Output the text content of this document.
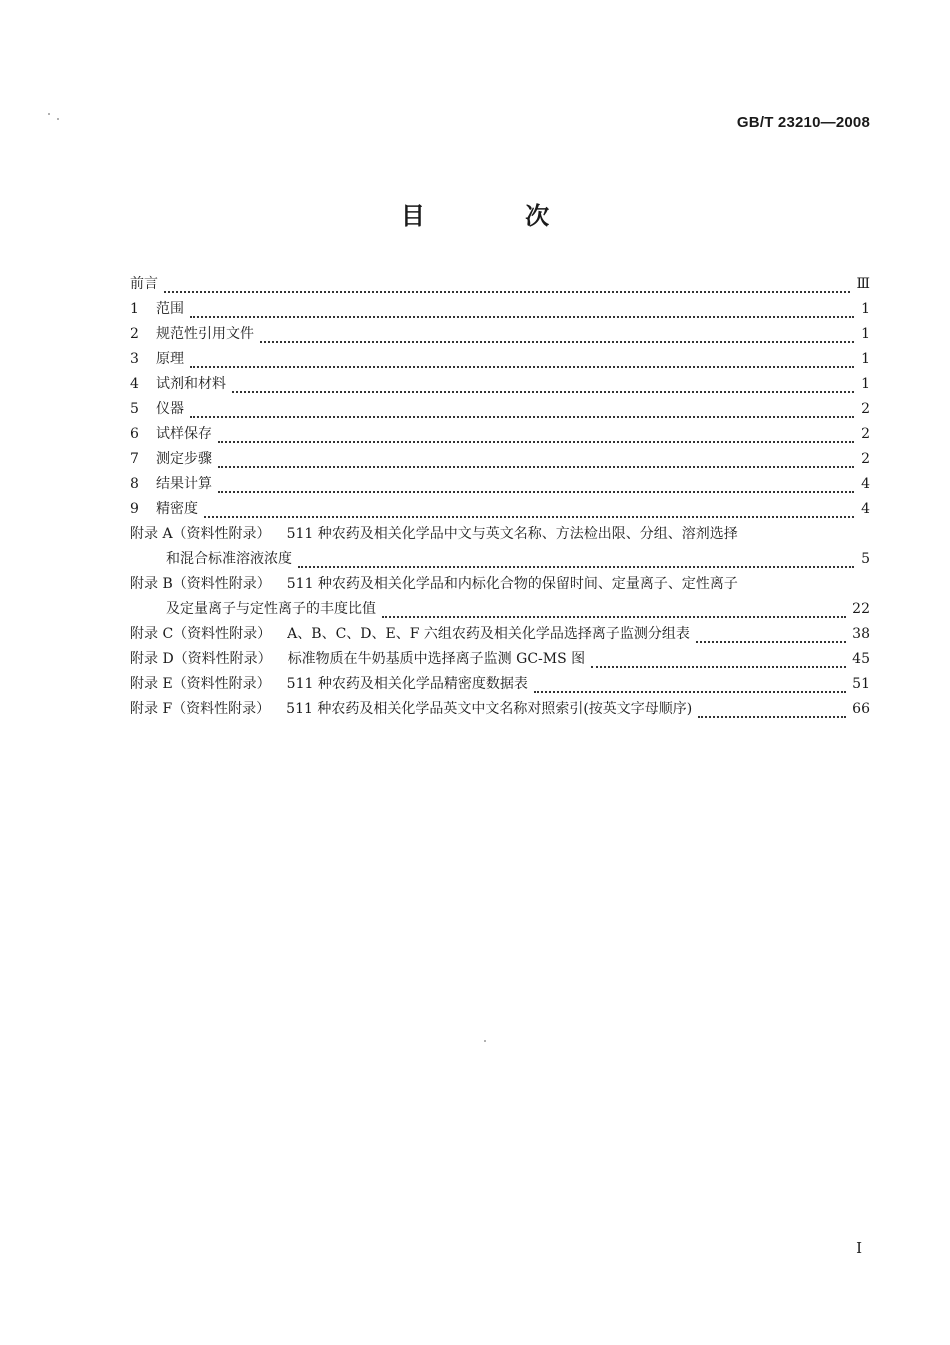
GB/T 23210—2008
目 次
前言	Ⅲ
1	范围	1
2	规范性引用文件	1
3	原理	1
4	试剂和材料	1
5	仪器	2
6	试样保存	2
7	测定步骤	2
8	结果计算	4
9	精密度	4
附录 A（资料性附录） 511 种农药及相关化学品中文与英文名称、方法检出限、分组、溶剂选择
和混合标准溶液浓度	5
附录 B（资料性附录） 511 种农药及相关化学品和内标化合物的保留时间、定量离子、定性离子
及定量离子与定性离子的丰度比值	22
附录 C（资料性附录） A、B、C、D、E、F 六组农药及相关化学品选择离子监测分组表	38
附录 D（资料性附录） 标准物质在牛奶基质中选择离子监测 GC-MS 图	45
附录 E（资料性附录） 511 种农药及相关化学品精密度数据表	51
附录 F（资料性附录） 511 种农药及相关化学品英文中文名称对照索引(按英文字母顺序)	66
I
